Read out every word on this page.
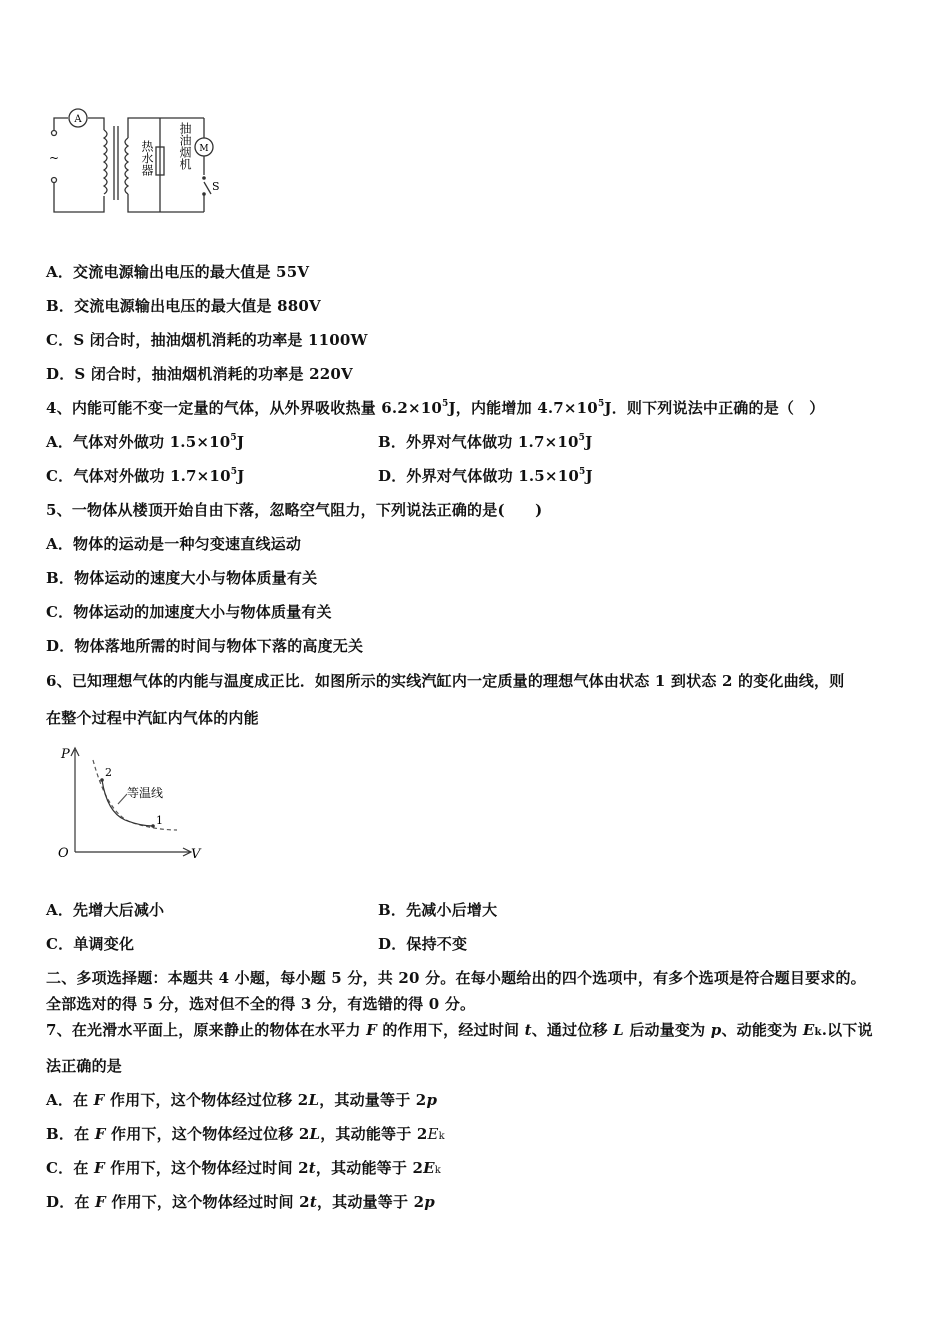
A
~
M
S
热水器 抽油烟机
A．交流电源输出电压的最大值是 55V
B．交流电源输出电压的最大值是 880V
C．S 闭合时，抽油烟机消耗的功率是 1100W
D．S 闭合时，抽油烟机消耗的功率是 220V
4、内能可能不变一定量的气体，从外界吸收热量 $6.2\times 10^5J$，内能增加 $4.7\times 10^5J$．则下列说法中正确的是（　）
A．气体对外做功 $1.5\times 10^5J$	B．外界对气体做功 $1.7\times 10^5J$
C．气体对外做功 $1.7\times 10^5J$	D．外界对气体做功 $1.5\times 10^5J$
5、一物体从楼顶开始自由下落，忽略空气阻力，下列说法正确的是(　　)
A．物体的运动是一种匀变速直线运动
B．物体运动的速度大小与物体质量有关
C．物体运动的加速度大小与物体质量有关
D．物体落地所需的时间与物体下落的高度无关
6、已知理想气体的内能与温度成正比．如图所示的实线汽缸内一定质量的理想气体由状态 1 到状态 2 的变化曲线，则
在整个过程中汽缸内气体的内能
P
O	V
2
1
等温线
A．先增大后减小	B．先减小后增大
C．单调变化	D．保持不变
二、多项选择题：本题共 4 小题，每小题 5 分，共 20 分。在每小题给出的四个选项中，有多个选项是符合题目要求的。
全部选对的得 5 分，选对但不全的得 3 分，有选错的得 0 分。
7、在光滑水平面上，原来静止的物体在水平力 F 的作用下，经过时间 t、通过位移 L 后动量变为 p、动能变为 Ek.以下说
法正确的是
A．在 F 作用下，这个物体经过位移 2L，其动量等于 2p
B．在 F 作用下，这个物体经过位移 2L，其动能等于 2Ek
C．在 F 作用下，这个物体经过时间 2t，其动能等于 2Ek
D．在 F 作用下，这个物体经过时间 2t，其动量等于 2p
